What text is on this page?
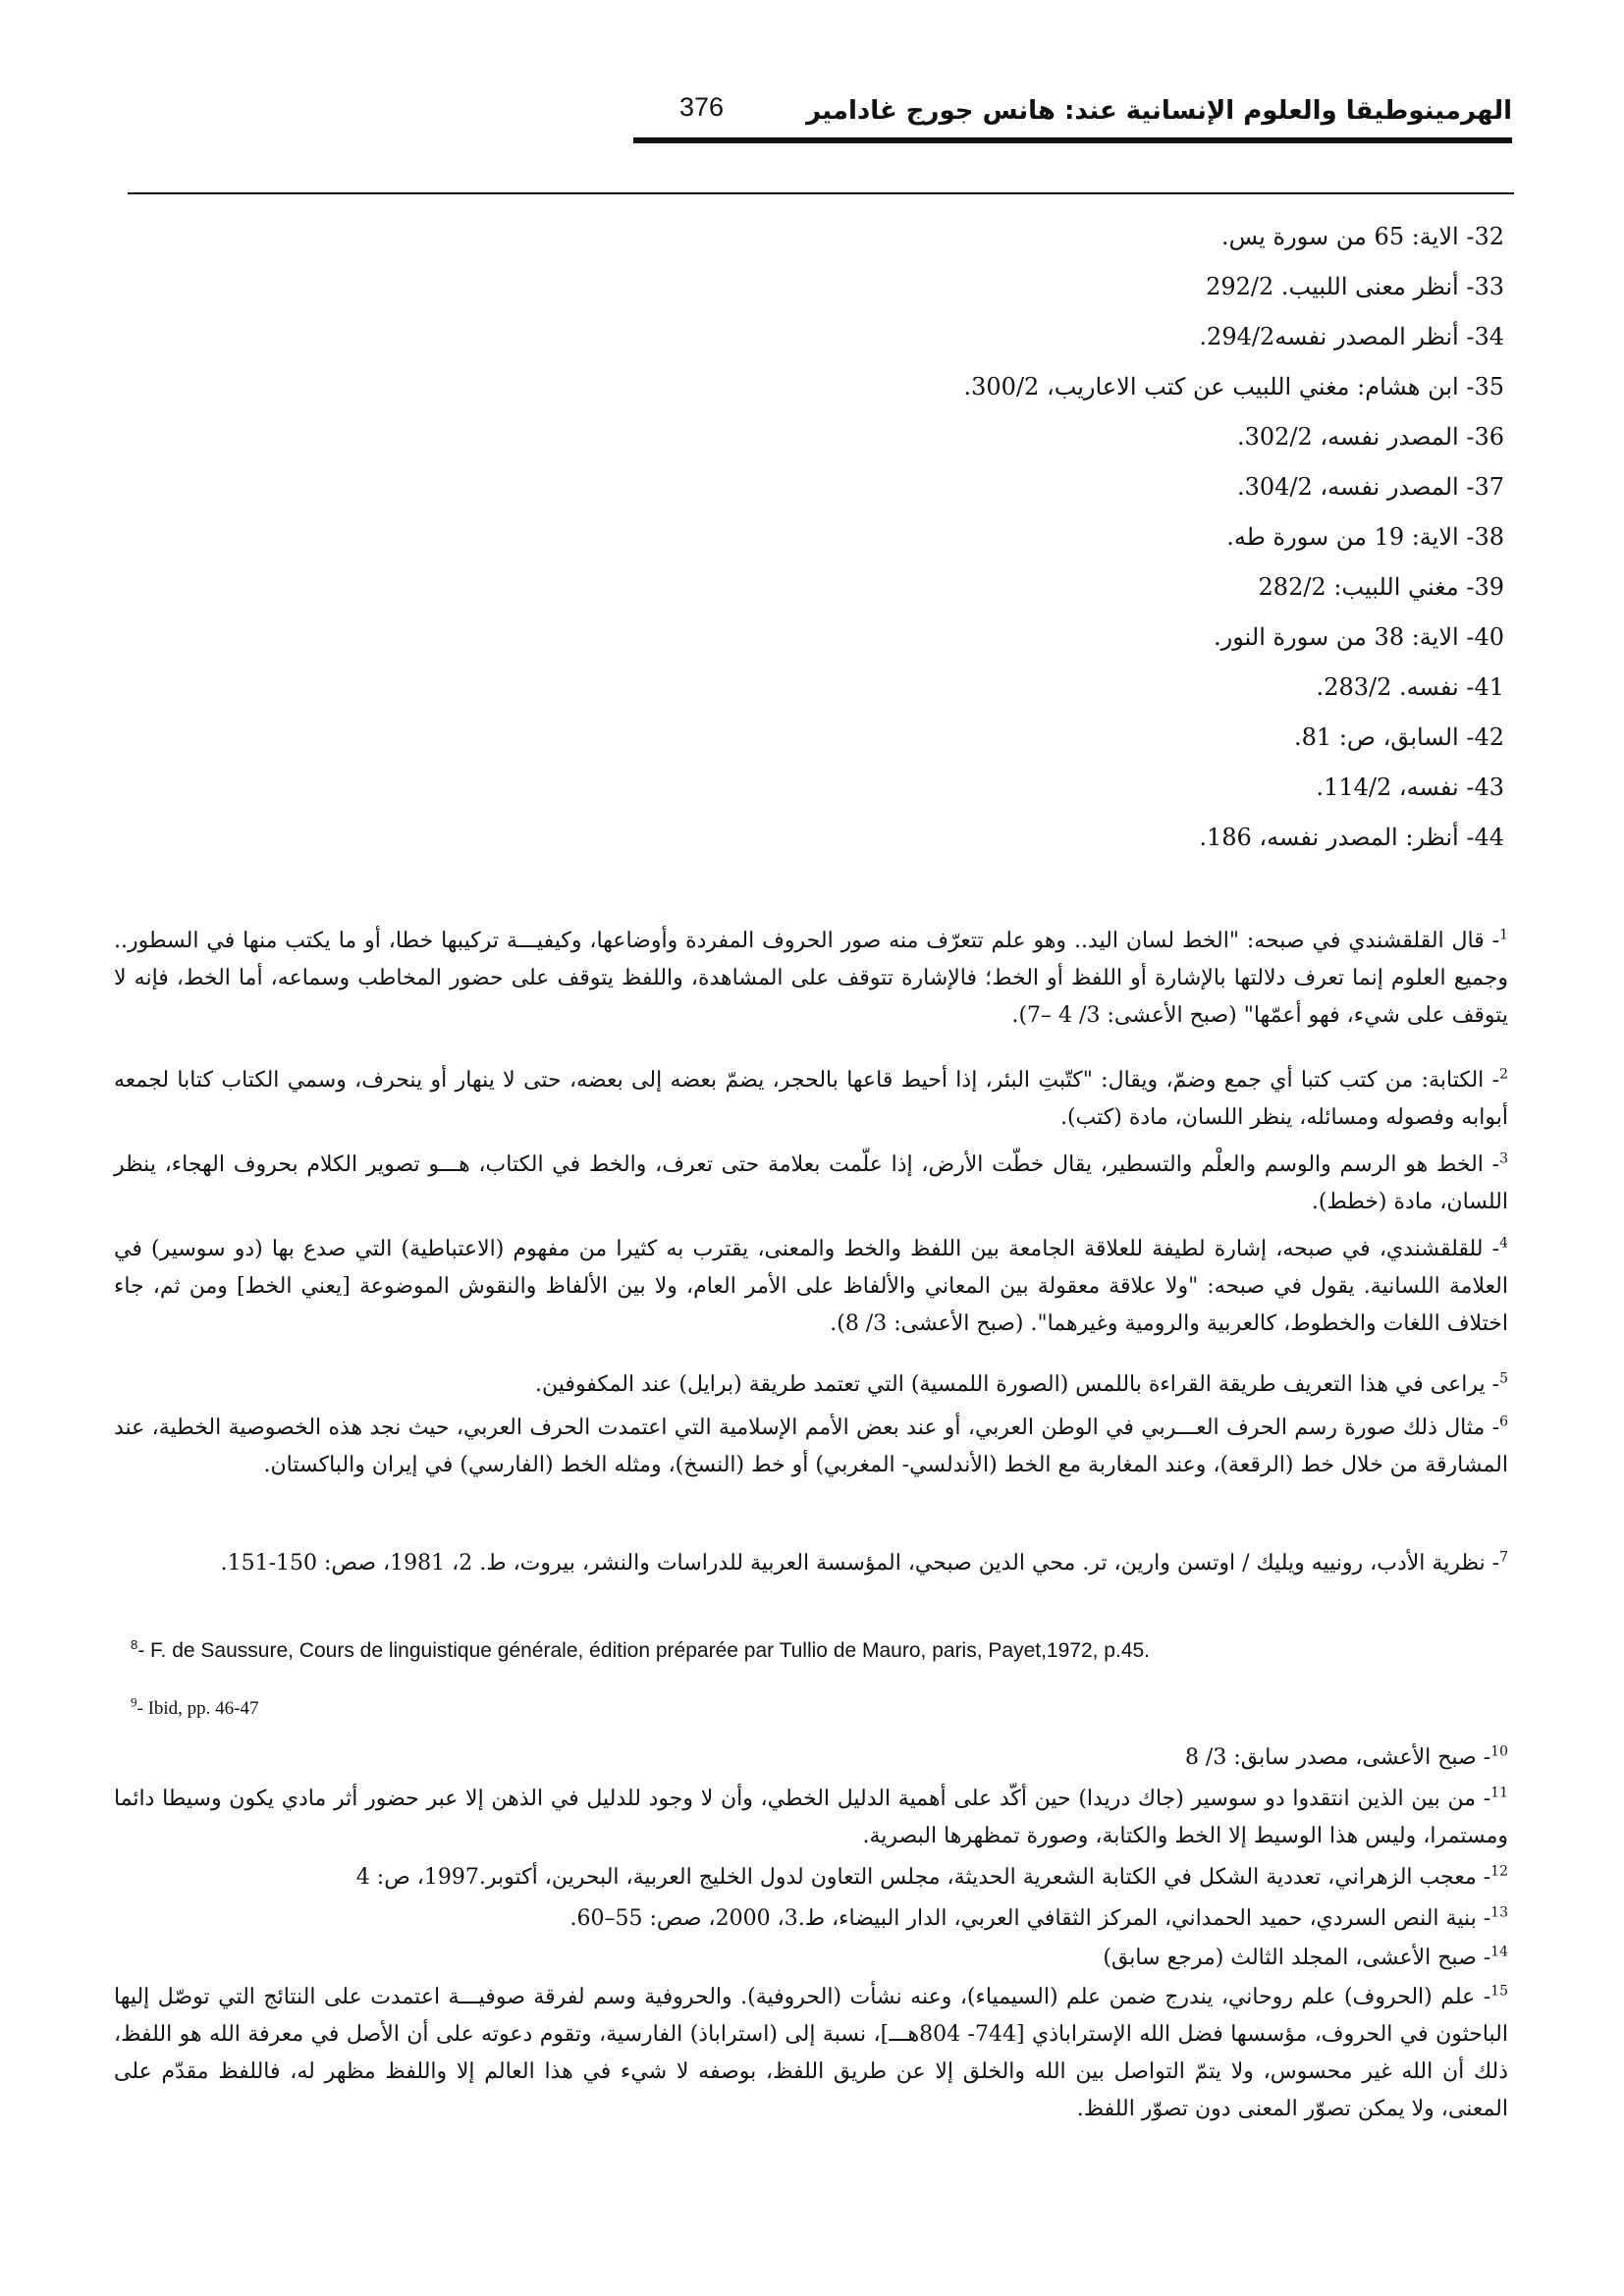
الهرمينوطيقا والعلوم الإنسانية عند: هانس جورج غادامير
376
32- الاية: 65 من سورة يس.
33- أنظر معنى اللبيب. 292/2
34- أنظر المصدر نفسه294/2.
35- ابن هشام: مغني اللبيب عن كتب الاعاريب، 300/2.
36- المصدر نفسه، 302/2.
37- المصدر نفسه، 304/2.
38- الاية: 19 من سورة طه.
39- مغني اللبيب: 282/2
40- الاية: 38 من سورة النور.
41- نفسه. 283/2.
42- السابق، ص: 81.
43- نفسه، 114/2.
44- أنظر: المصدر نفسه، 186.

$^1$- قال القلقشندي في صبحه: "الخط لسان اليد.. وهو علم تتعرّف منه صور الحروف المفردة وأوضاعها، وكيفيـــة تركيبها خطا، أو ما يكتب منها في السطور.. وجميع العلوم إنما تعرف دلالتها بالإشارة أو اللفظ أو الخط؛ فالإشارة تتوقف على المشاهدة، واللفظ يتوقف على حضور المخاطب وسماعه، أما الخط، فإنه لا يتوقف على شيء، فهو أعمّها" (صبح الأعشى: 3/ 4 –7).

$^2$- الكتابة: من كتب كتبا أي جمع وضمّ، ويقال: "كتّبتِ البئر، إذا أحيط قاعها بالحجر، يضمّ بعضه إلى بعضه، حتى لا ينهار أو ينحرف، وسمي الكتاب كتابا لجمعه أبوابه وفصوله ومسائله، ينظر اللسان، مادة (كتب).

$^3$- الخط هو الرسم والوسم والعلْم والتسطير، يقال خطّت الأرض، إذا علّمت بعلامة حتى تعرف، والخط في الكتاب، هـــو تصوير الكلام بحروف الهجاء، ينظر اللسان، مادة (خطط).

$^4$- للقلقشندي، في صبحه، إشارة لطيفة للعلاقة الجامعة بين اللفظ والخط والمعنى، يقترب به كثيرا من مفهوم (الاعتباطية) التي صدع بها (دو سوسير) في العلامة اللسانية. يقول في صبحه: "ولا علاقة معقولة بين المعاني والألفاظ على الأمر العام، ولا بين الألفاظ والنقوش الموضوعة [يعني الخط] ومن ثم، جاء اختلاف اللغات والخطوط، كالعربية والرومية وغيرهما". (صبح الأعشى: 3/ 8).

$^5$- يراعى في هذا التعريف طريقة القراءة باللمس (الصورة اللمسية) التي تعتمد طريقة (برايل) عند المكفوفين.

$^6$- مثال ذلك صورة رسم الحرف العـــربي في الوطن العربي، أو عند بعض الأمم الإسلامية التي اعتمدت الحرف العربي، حيث نجد هذه الخصوصية الخطية، عند المشارقة من خلال خط (الرقعة)، وعند المغاربة مع الخط (الأندلسي- المغربي) أو خط (النسخ)، ومثله الخط (الفارسي) في إيران والباكستان.

$^7$- نظرية الأدب، رونييه ويليك / اوتسن وارين، تر. محي الدين صبحي، المؤسسة العربية للدراسات والنشر، بيروت، ط. 2، 1981، صص: 150-151.

$^8$- F. de Saussure, Cours de linguistique générale, édition préparée par Tullio de Mauro, paris, Payet,1972, p.45.

$^9$- Ibid, pp. 46-47

$^{10}$- صبح الأعشى، مصدر سابق: 3/ 8

$^{11}$- من بين الذين انتقدوا دو سوسير (جاك دريدا) حين أكّد على أهمية الدليل الخطي، وأن لا وجود للدليل في الذهن إلا عبر حضور أثر مادي يكون وسيطا دائما ومستمرا، وليس هذا الوسيط إلا الخط والكتابة، وصورة تمظهرها البصرية.

$^{12}$- معجب الزهراني، تعددية الشكل في الكتابة الشعرية الحديثة، مجلس التعاون لدول الخليج العربية، البحرين، أكتوبر.1997، ص: 4

$^{13}$- بنية النص السردي، حميد الحمداني، المركز الثقافي العربي، الدار البيضاء، ط.3، 2000، صص: 55–60.

$^{14}$- صبح الأعشى، المجلد الثالث (مرجع سابق)

$^{15}$- علم (الحروف) علم روحاني، يندرج ضمن علم (السيمياء)، وعنه نشأت (الحروفية). والحروفية وسم لفرقة صوفيـــة اعتمدت على النتائج التي توصّل إليها الباحثون في الحروف، مؤسسها فضل الله الإستراباذي [744- 804هـــ]، نسبة إلى (استراباذ) الفارسية، وتقوم دعوته على أن الأصل في معرفة الله هو اللفظ، ذلك أن الله غير محسوس، ولا يتمّ التواصل بين الله والخلق إلا عن طريق اللفظ، بوصفه لا شيء في هذا العالم إلا واللفظ مظهر له، فاللفظ مقدّم على المعنى، ولا يمكن تصوّر المعنى دون تصوّر اللفظ.
